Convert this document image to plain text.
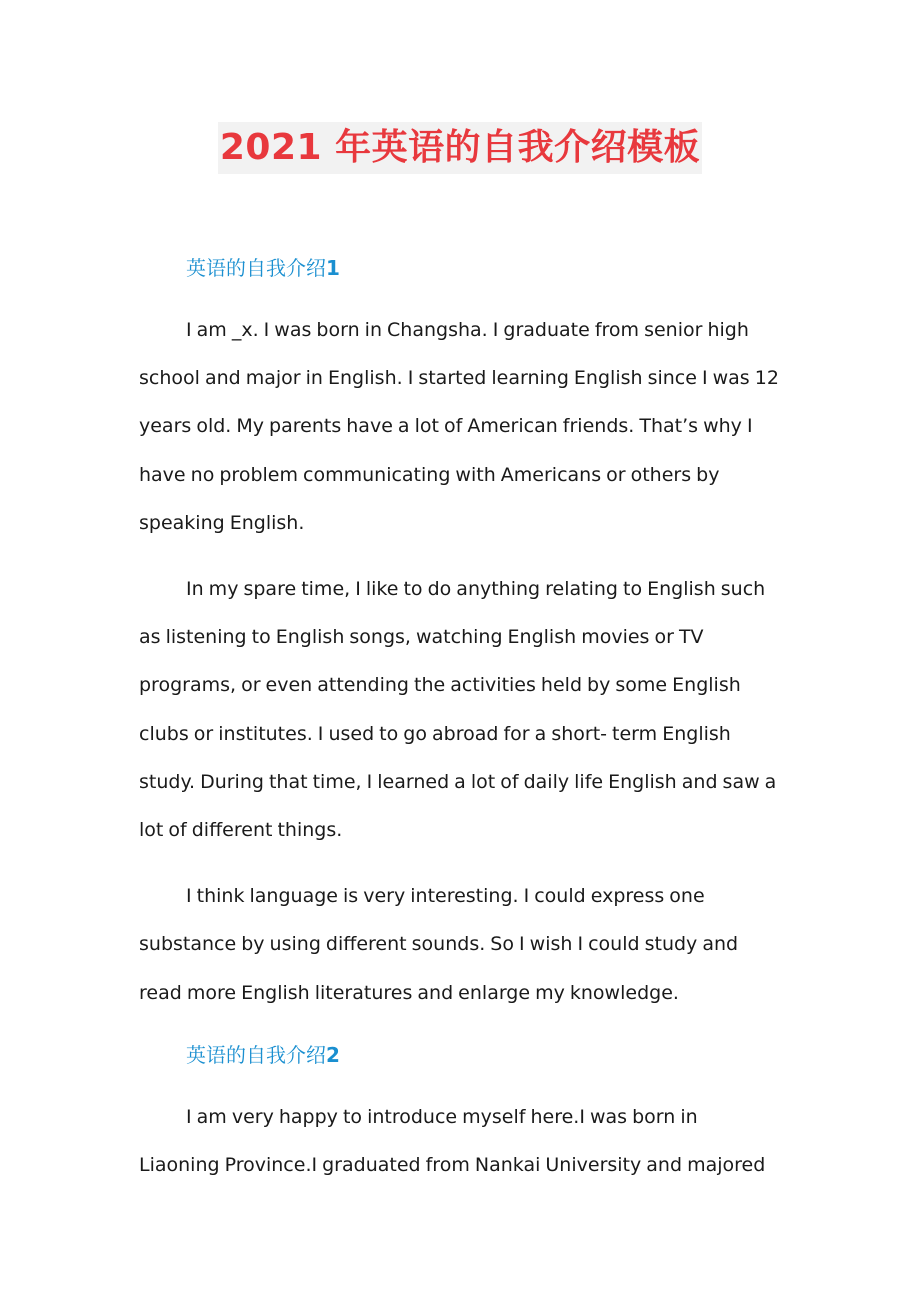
2021 年英语的自我介绍模板
英语的自我介绍1

I am _x. I was born in Changsha. I graduate from senior high school and major in English. I started learning English since I was 12 years old. My parents have a lot of American friends. That’s why I have no problem communicating with Americans or others by speaking English.

In my spare time, I like to do anything relating to English such as listening to English songs, watching English movies or TV programs, or even attending the activities held by some English clubs or institutes. I used to go abroad for a short- term English study. During that time, I learned a lot of daily life English and saw a lot of different things.

I think language is very interesting. I could express one substance by using different sounds. So I wish I could study and read more English literatures and enlarge my knowledge.

英语的自我介绍2

I am very happy to introduce myself here.I was born in Liaoning Province.I graduated from Nankai University and majored
